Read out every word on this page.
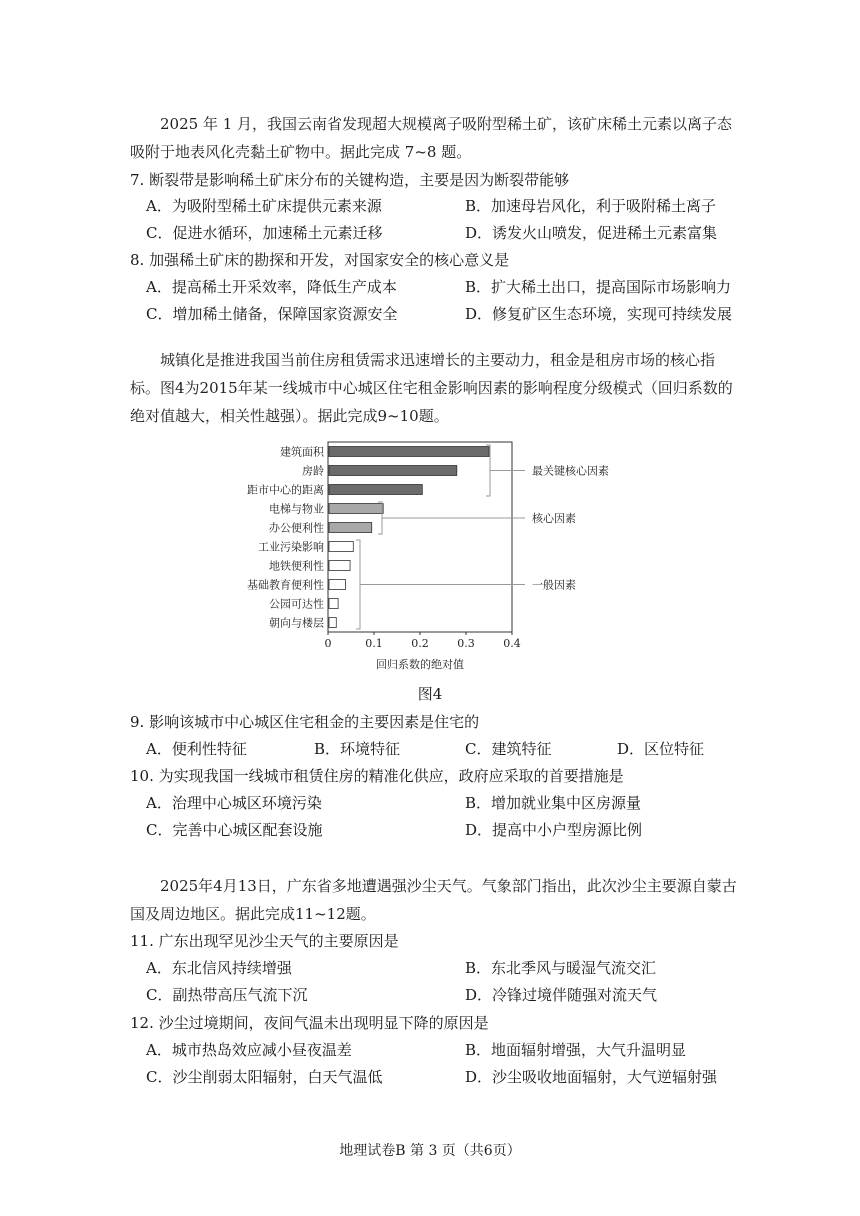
2025 年 1 月，我国云南省发现超大规模离子吸附型稀土矿，该矿床稀土元素以离子态吸附于地表风化壳黏土矿物中。据此完成 7~8 题。
7. 断裂带是影响稀土矿床分布的关键构造，主要是因为断裂带能够
A．为吸附型稀土矿床提供元素来源	B．加速母岩风化，利于吸附稀土离子
C．促进水循环，加速稀土元素迁移	D．诱发火山喷发，促进稀土元素富集
8. 加强稀土矿床的勘探和开发，对国家安全的核心意义是
A．提高稀土开采效率，降低生产成本	B．扩大稀土出口，提高国际市场影响力
C．增加稀土储备，保障国家资源安全	D．修复矿区生态环境，实现可持续发展
城镇化是推进我国当前住房租赁需求迅速增长的主要动力，租金是租房市场的核心指标。图4为2015年某一线城市中心城区住宅租金影响因素的影响程度分级模式（回归系数的绝对值越大，相关性越强）。据此完成9~10题。
建筑面积
房龄
距市中心的距离
电梯与物业
办公便利性
工业污染影响
地铁便利性
基础教育便利性
公园可达性
朝向与楼层
0	0.1	0.2	0.3	0.4
最关键核心因素
核心因素
一般因素
回归系数的绝对值
图4
9. 影响该城市中心城区住宅租金的主要因素是住宅的
A．便利性特征	B．环境特征	C．建筑特征	D．区位特征
10. 为实现我国一线城市租赁住房的精准化供应，政府应采取的首要措施是
A．治理中心城区环境污染	B．增加就业集中区房源量
C．完善中心城区配套设施	D．提高中小户型房源比例
2025年4月13日，广东省多地遭遇强沙尘天气。气象部门指出，此次沙尘主要源自蒙古国及周边地区。据此完成11~12题。
11. 广东出现罕见沙尘天气的主要原因是
A．东北信风持续增强	B．东北季风与暖湿气流交汇
C．副热带高压气流下沉	D．冷锋过境伴随强对流天气
12. 沙尘过境期间，夜间气温未出现明显下降的原因是
A．城市热岛效应减小昼夜温差	B．地面辐射增强，大气升温明显
C．沙尘削弱太阳辐射，白天气温低	D．沙尘吸收地面辐射，大气逆辐射强
地理试卷B 第 3 页（共6页）
